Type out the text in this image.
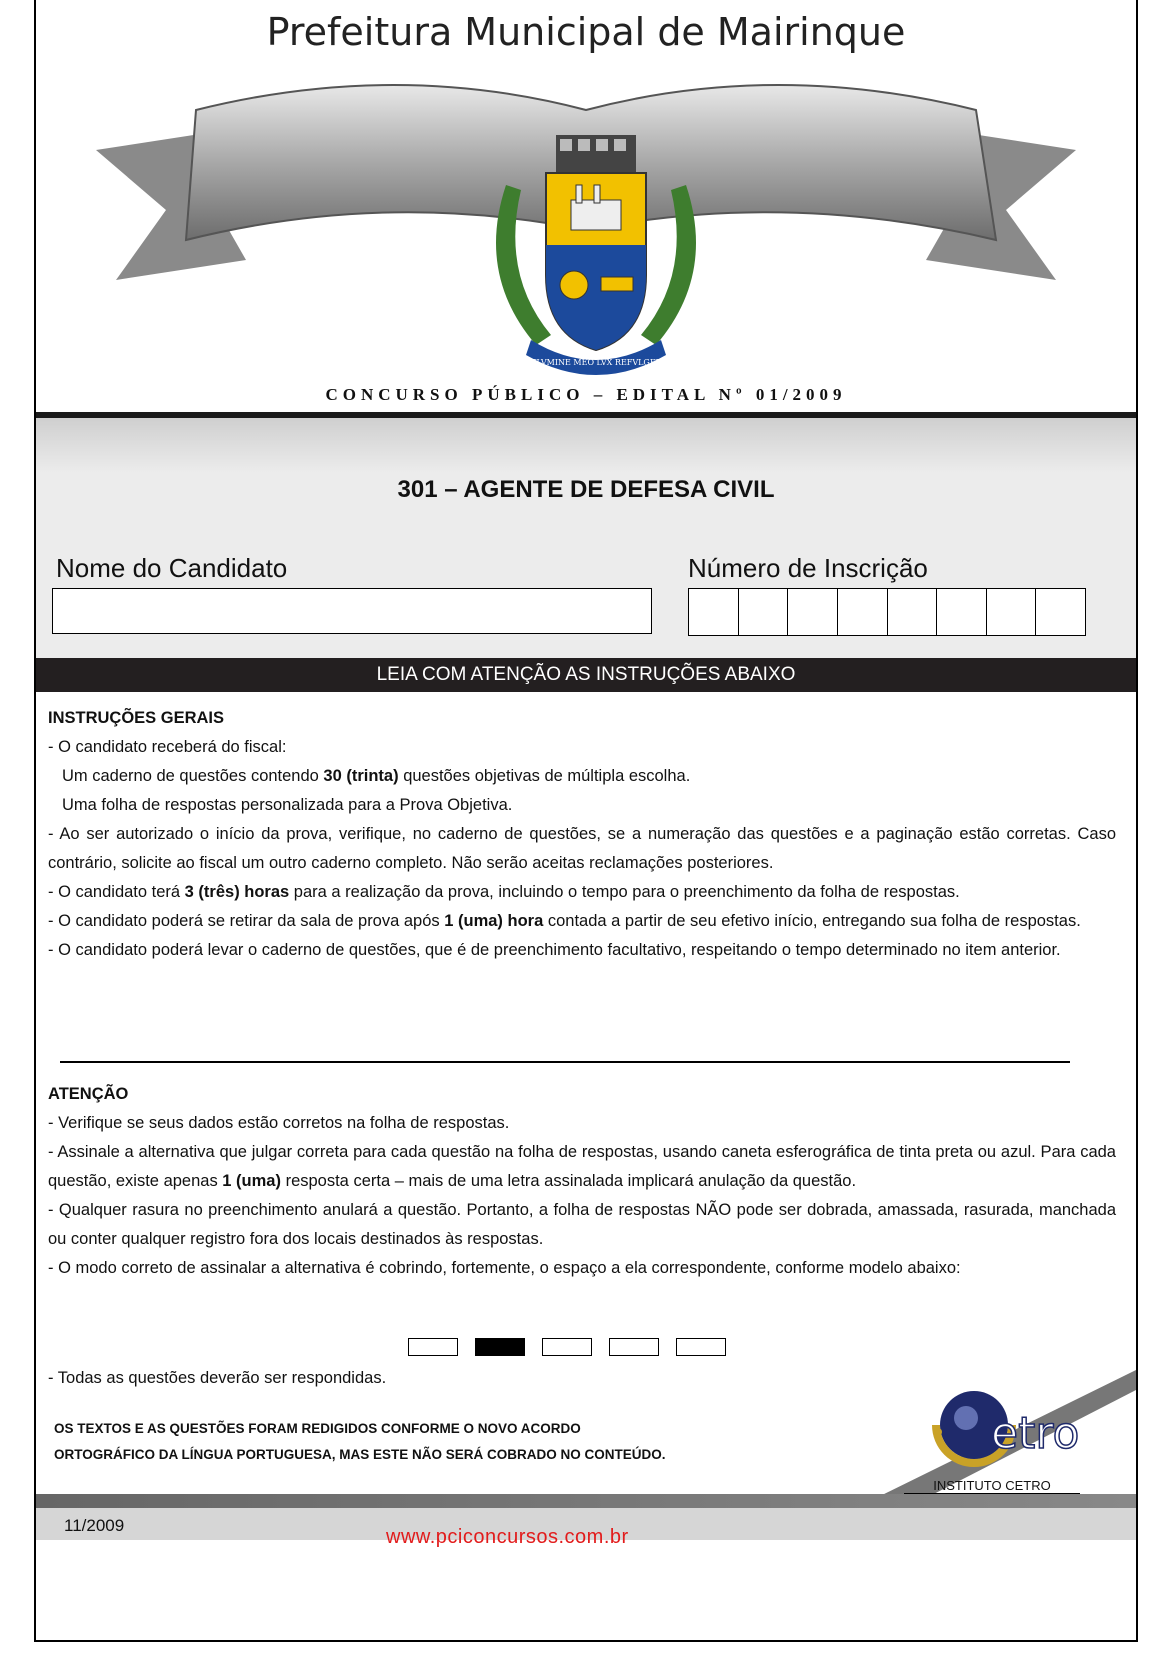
Prefeitura Municipal de Mairinque
FLVMINE MEO LVX REFVLGET
CONCURSO PÚBLICO – EDITAL Nº 01/2009
301 – AGENTE DE DEFESA CIVIL
Nome do Candidato	Número de Inscrição
LEIA COM ATENÇÃO AS INSTRUÇÕES ABAIXO

INSTRUÇÕES GERAIS

- O candidato receberá do fiscal:

Um caderno de questões contendo 30 (trinta) questões objetivas de múltipla escolha.

Uma folha de respostas personalizada para a Prova Objetiva.

- Ao ser autorizado o início da prova, verifique, no caderno de questões, se a numeração das questões e a paginação estão corretas. Caso contrário, solicite ao fiscal um outro caderno completo. Não serão aceitas reclamações posteriores.

- O candidato terá 3 (três) horas para a realização da prova, incluindo o tempo para o preenchimento da folha de respostas.

- O candidato poderá se retirar da sala de prova após 1 (uma) hora contada a partir de seu efetivo início, entregando sua folha de respostas.

- O candidato poderá levar o caderno de questões, que é de preenchimento facultativo, respeitando o tempo determinado no item anterior.

ATENÇÃO

- Verifique se seus dados estão corretos na folha de respostas.

- Assinale a alternativa que julgar correta para cada questão na folha de respostas, usando caneta esferográfica de tinta preta ou azul. Para cada questão, existe apenas 1 (uma) resposta certa – mais de uma letra assinalada implicará anulação da questão.

- Qualquer rasura no preenchimento anulará a questão. Portanto, a folha de respostas NÃO pode ser dobrada, amassada, rasurada, manchada ou conter qualquer registro fora dos locais destinados às respostas.

- O modo correto de assinalar a alternativa é cobrindo, fortemente, o espaço a ela correspondente, conforme modelo abaixo:

- Todas as questões deverão ser respondidas.

OS TEXTOS E AS QUESTÕES FORAM REDIGIDOS CONFORME O NOVO ACORDO
ORTOGRÁFICO DA LÍNGUA PORTUGUESA, MAS ESTE NÃO SERÁ COBRADO NO CONTEÚDO.	etro
INSTITUTO CETRO
11/2009
www.pciconcursos.com.br
